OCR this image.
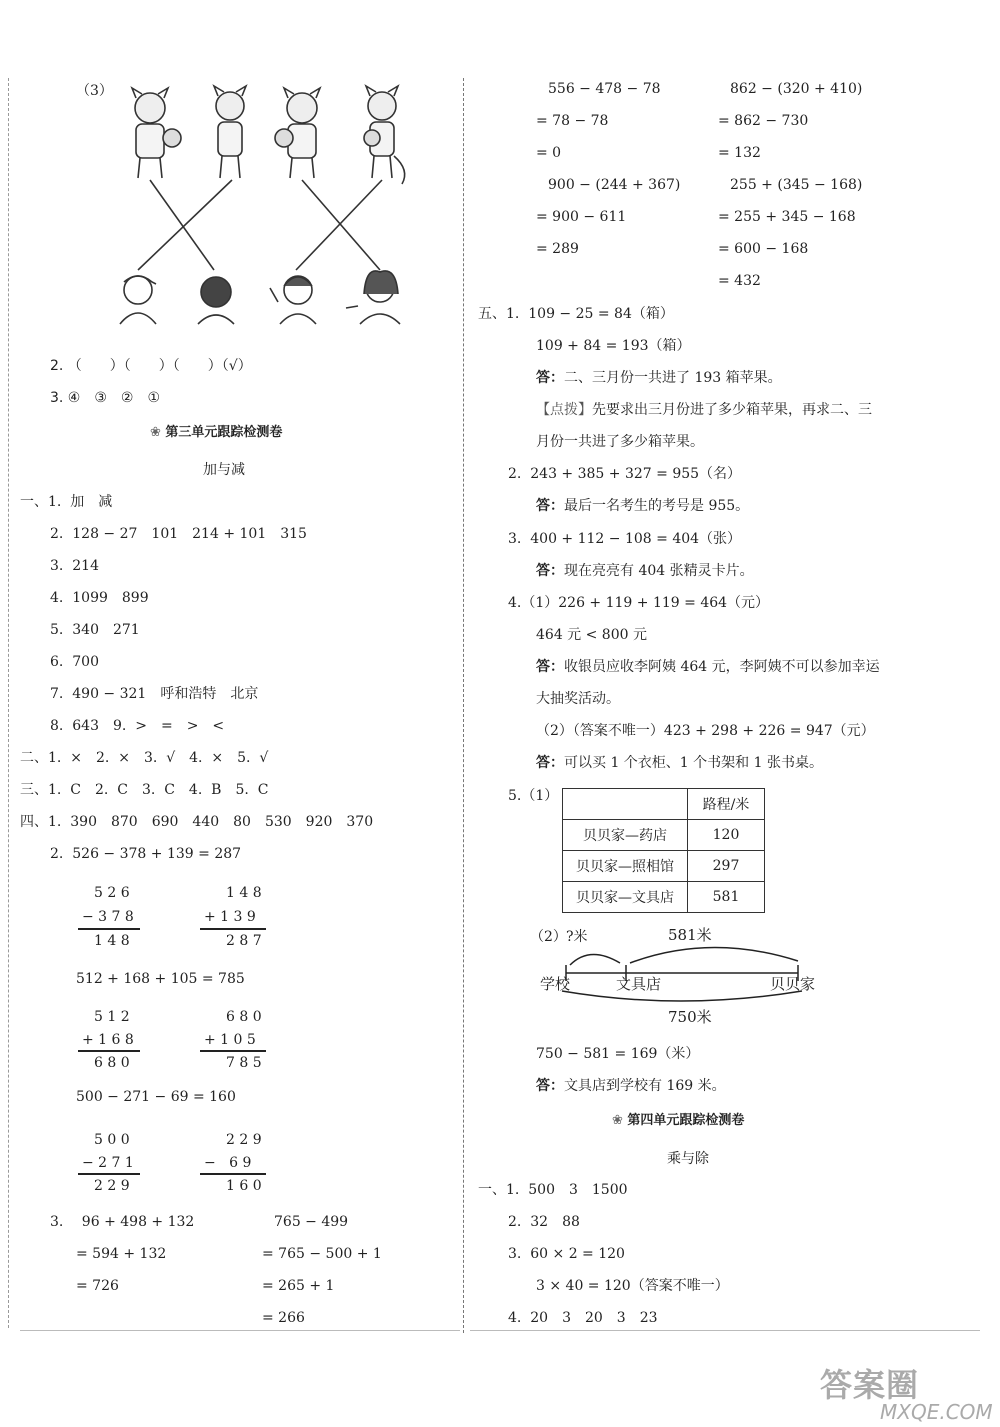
（3）
2. （　　）（　　）（　　）（√）
3. ④　③　②　①
❀ 第三单元跟踪检测卷
加与减
一、1.  加　减
2.  128 − 27　101　214 + 101　315
3.  214
4.  1099　899
5.  340　271
6.  700
7.  490 − 321　呼和浩特　北京
8.  643　9.  >　=　>　<
二、1.  ×　2.  ×　3.  √　4.  ×　5.  √
三、1.  C　2.  C　3.  C　4.  B　5.  C
四、1.  390　870　690　440　80　530　920　370
2.  526 − 378 + 139 = 287
5 2 6
− 3 7 8
1 4 8
1 4 8
+ 1 3 9
2 8 7
512 + 168 + 105 = 785
5 1 2
+ 1 6 8
6 8 0
6 8 0
+ 1 0 5
7 8 5
500 − 271 − 69 = 160
5 0 0
− 2 7 1
2 2 9
2 2 9
−   6 9
1 6 0
3.　 96 + 498 + 132
= 594 + 132
= 726
765 − 499
= 765 − 500 + 1
= 265 + 1
= 266
556 − 478 − 78
= 78 − 78
= 0
900 − (244 + 367)
= 900 − 611
= 289
862 − (320 + 410)
= 862 − 730
= 132
255 + (345 − 168)
= 255 + 345 − 168
= 600 − 168
= 432
五、1.  109 − 25 = 84（箱）
109 + 84 = 193（箱）
答：二、三月份一共进了 193 箱苹果。
【点拨】先要求出三月份进了多少箱苹果，再求二、三
月份一共进了多少箱苹果。
2.  243 + 385 + 327 = 955（名）
答：最后一名考生的考号是 955。
3.  400 + 112 − 108 = 404（张）
答：现在亮亮有 404 张精灵卡片。
4.（1）226 + 119 + 119 = 464（元）
464 元 < 800 元
答：收银员应收李阿姨 464 元，李阿姨不可以参加幸运
大抽奖活动。
（2）（答案不唯一）423 + 298 + 226 = 947（元）
答：可以买 1 个衣柜、1 个书架和 1 张书桌。
5.（1）
	路程/米
贝贝家—药店	120
贝贝家—照相馆	297
贝贝家—文具店	581
（2） ?米	581米
学校	文具店	贝贝家
750米
750 − 581 = 169（米）
答：文具店到学校有 169 米。
❀ 第四单元跟踪检测卷
乘与除
一、1.  500　3　1500
2.  32　88
3.  60 × 2 = 120
3 × 40 = 120（答案不唯一）
4.  20　3　20　3　23
答案圈
MXQE.COM
